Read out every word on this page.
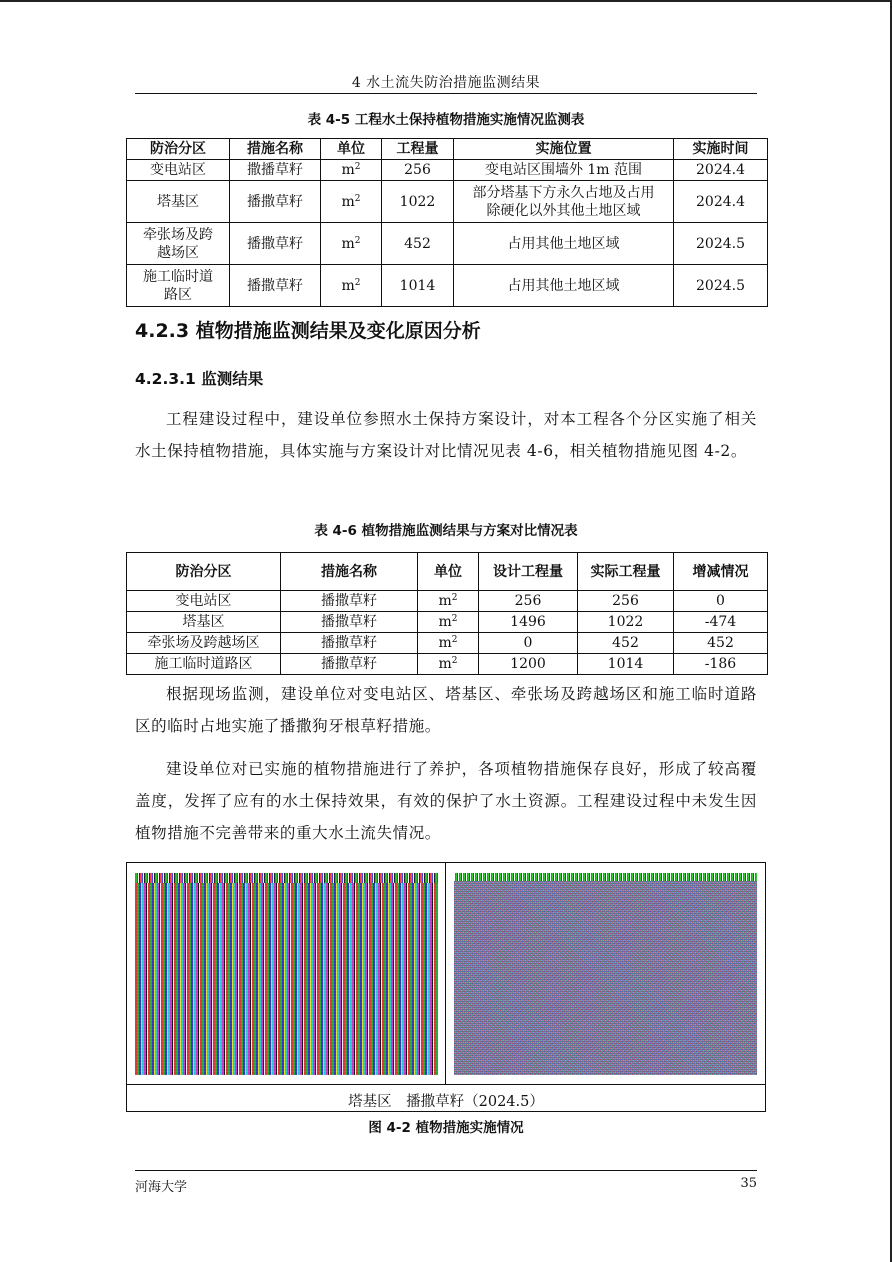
4 水土流失防治措施监测结果
表 4-5 工程水土保持植物措施实施情况监测表
防治分区	措施名称	单位	工程量	实施位置	实施时间
变电站区	撒播草籽	$m^2$	256	变电站区围墙外 1m 范围	2024.4
塔基区	播撒草籽	$m^2$	1022	部分塔基下方永久占地及占用除硬化以外其他土地区域	2024.4
牵张场及跨越场区	播撒草籽	$m^2$	452	占用其他土地区域	2024.5
施工临时道路区	播撒草籽	$m^2$	1014	占用其他土地区域	2024.5
4.2.3 植物措施监测结果及变化原因分析
4.2.3.1 监测结果
工程建设过程中，建设单位参照水土保持方案设计，对本工程各个分区实施了相关水土保持植物措施，具体实施与方案设计对比情况见表 4-6，相关植物措施见图 4-2。
表 4-6 植物措施监测结果与方案对比情况表
防治分区	措施名称	单位	设计工程量	实际工程量	增减情况
变电站区	播撒草籽	$m^2$	256	256	0
塔基区	播撒草籽	$m^2$	1496	1022	-474
牵张场及跨越场区	播撒草籽	$m^2$	0	452	452
施工临时道路区	播撒草籽	$m^2$	1200	1014	-186
根据现场监测，建设单位对变电站区、塔基区、牵张场及跨越场区和施工临时道路区的临时占地实施了播撒狗牙根草籽措施。
建设单位对已实施的植物措施进行了养护，各项植物措施保存良好，形成了较高覆盖度，发挥了应有的水土保持效果，有效的保护了水土资源。工程建设过程中未发生因植物措施不完善带来的重大水土流失情况。
塔基区　播撒草籽（2024.5）
图 4-2 植物措施实施情况
河海大学	35
